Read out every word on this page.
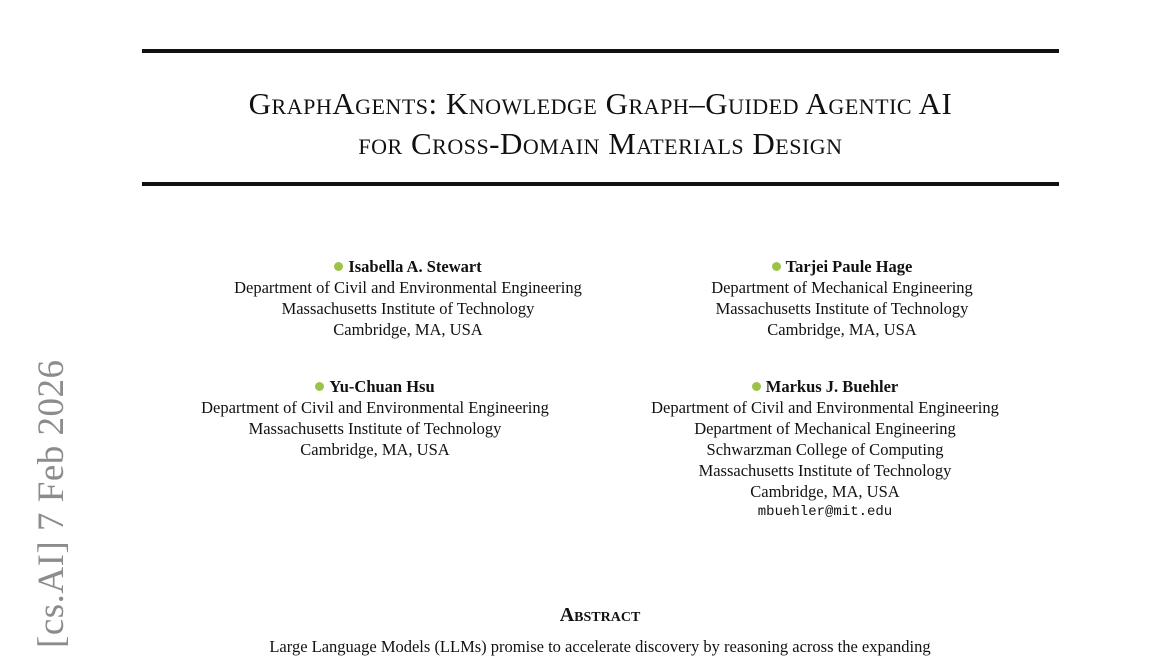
GraphAgents: Knowledge Graph–Guided Agentic AI
for Cross-Domain Materials Design
Isabella A. Stewart
Department of Civil and Environmental Engineering
Massachusetts Institute of Technology
Cambridge, MA, USA
Tarjei Paule Hage
Department of Mechanical Engineering
Massachusetts Institute of Technology
Cambridge, MA, USA
Yu-Chuan Hsu
Department of Civil and Environmental Engineering
Massachusetts Institute of Technology
Cambridge, MA, USA
Markus J. Buehler
Department of Civil and Environmental Engineering
Department of Mechanical Engineering
Schwarzman College of Computing
Massachusetts Institute of Technology
Cambridge, MA, USA
mbuehler@mit.edu
[cs.AI] 7 Feb 2026	Abstract
Large Language Models (LLMs) promise to accelerate discovery by reasoning across the expanding
